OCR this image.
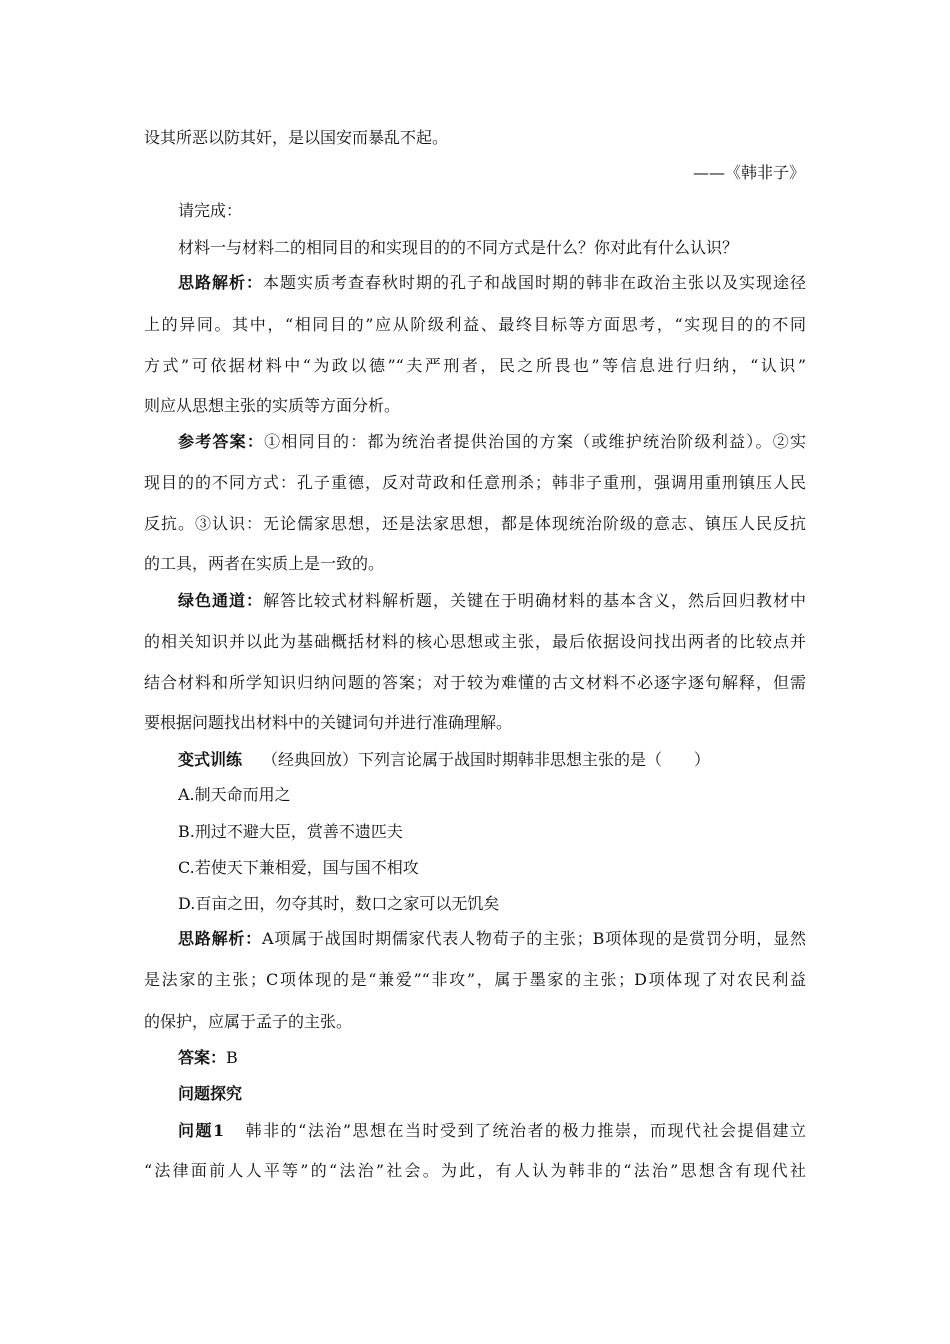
设其所恶以防其奸，是以国安而暴乱不起。
——《韩非子》
请完成：
材料一与材料二的相同目的和实现目的的不同方式是什么？你对此有什么认识？
思路解析：本题实质考查春秋时期的孔子和战国时期的韩非在政治主张以及实现途径
上的异同。其中，“相同目的”应从阶级利益、最终目标等方面思考，“实现目的的不同
方式”可依据材料中“为政以德”“夫严刑者，民之所畏也”等信息进行归纳，“认识”
则应从思想主张的实质等方面分析。
参考答案：①相同目的：都为统治者提供治国的方案（或维护统治阶级利益）。②实
现目的的不同方式：孔子重德，反对苛政和任意刑杀；韩非子重刑，强调用重刑镇压人民
反抗。③认识：无论儒家思想，还是法家思想，都是体现统治阶级的意志、镇压人民反抗
的工具，两者在实质上是一致的。
绿色通道：解答比较式材料解析题，关键在于明确材料的基本含义，然后回归教材中
的相关知识并以此为基础概括材料的核心思想或主张，最后依据设问找出两者的比较点并
结合材料和所学知识归纳问题的答案；对于较为难懂的古文材料不必逐字逐句解释，但需
要根据问题找出材料中的关键词句并进行准确理解。
变式训练 （经典回放）下列言论属于战国时期韩非思想主张的是（　　）
A.制天命而用之
B.刑过不避大臣，赏善不遗匹夫
C.若使天下兼相爱，国与国不相攻
D.百亩之田，勿夺其时，数口之家可以无饥矣
思路解析：A项属于战国时期儒家代表人物荀子的主张；B项体现的是赏罚分明，显然
是法家的主张；C项体现的是“兼爱”“非攻”，属于墨家的主张；D项体现了对农民利益
的保护，应属于孟子的主张。
答案：B
问题探究
问题1 韩非的“法治”思想在当时受到了统治者的极力推崇，而现代社会提倡建立
“法律面前人人平等”的“法治”社会。为此，有人认为韩非的“法治”思想含有现代社
